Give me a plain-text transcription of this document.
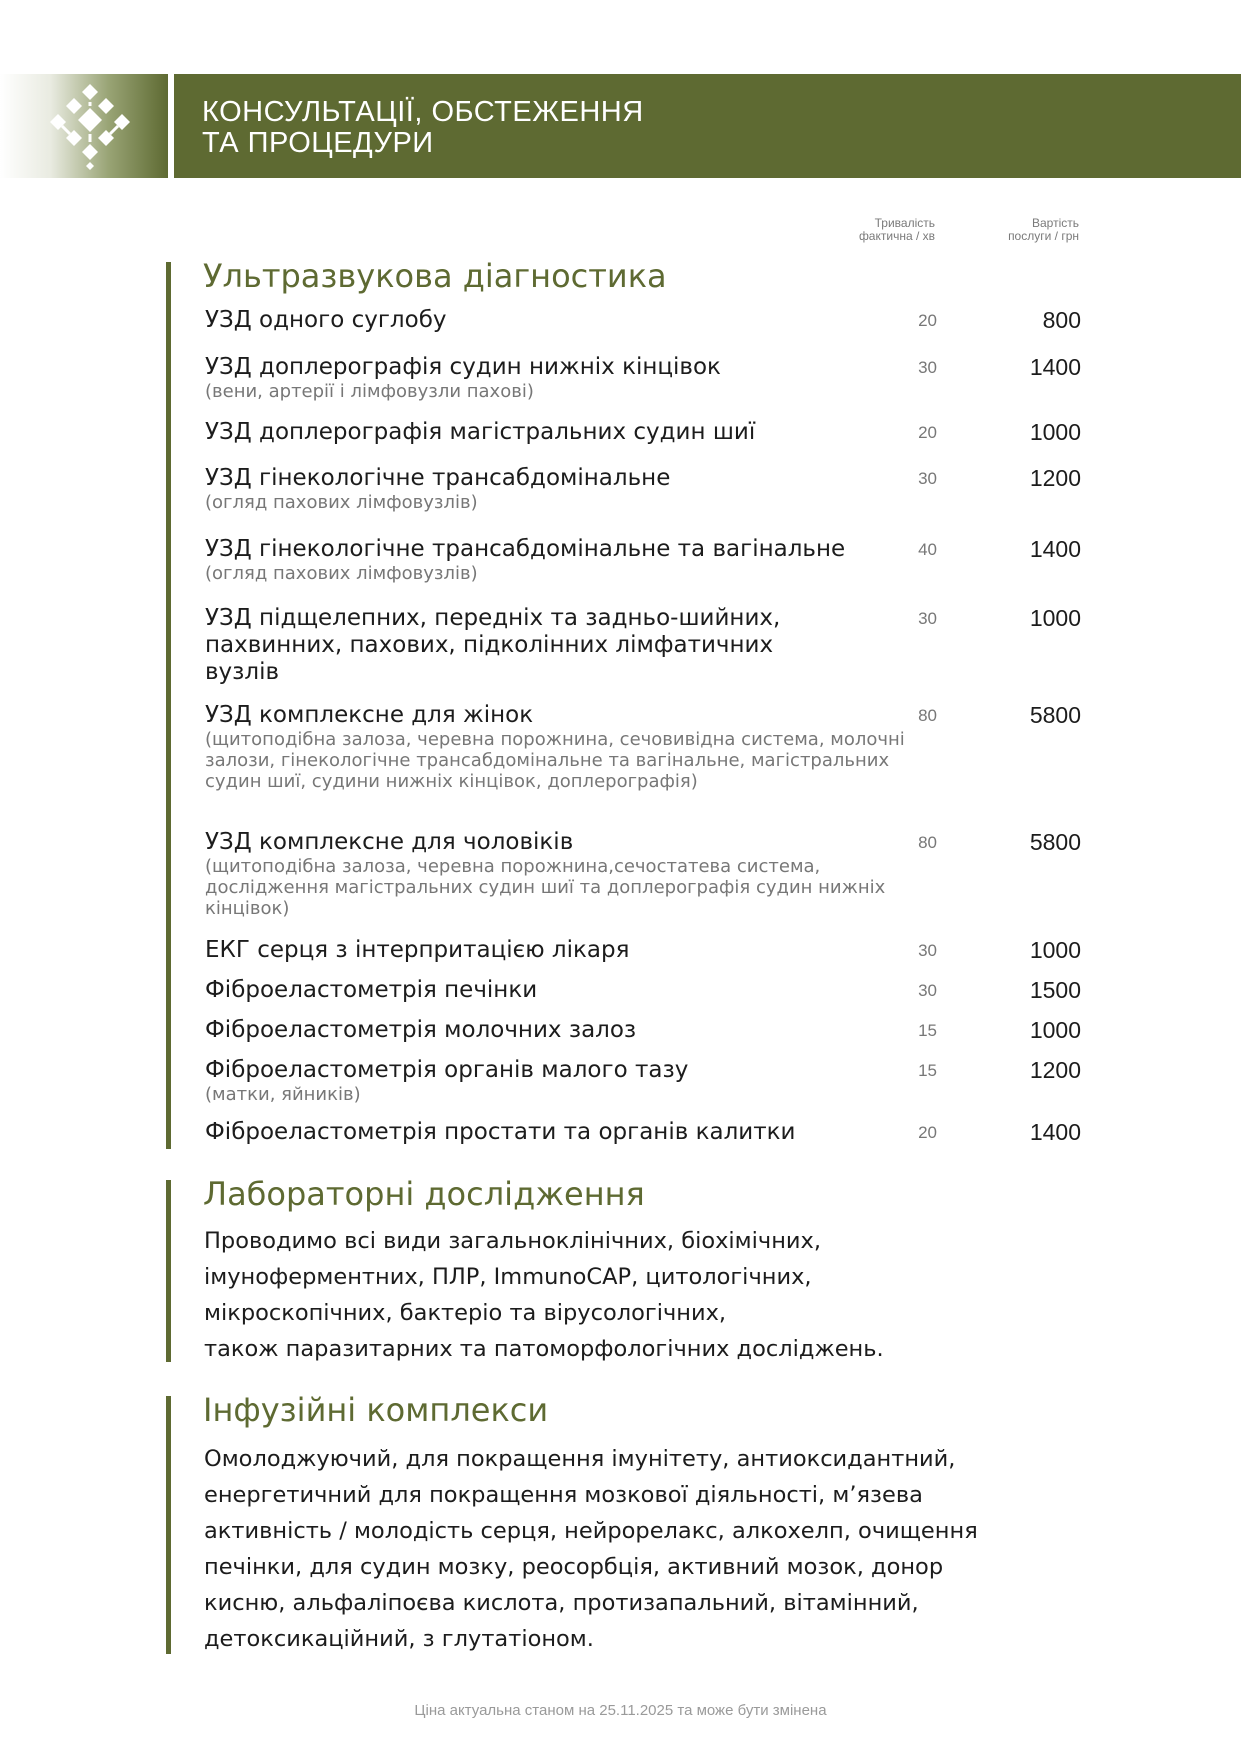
КОНСУЛЬТАЦІЇ, ОБСТЕЖЕННЯ
ТА ПРОЦЕДУРИ
Тривалість
фактична / хв
Вартість
послуги / грн
Ультразвукова діагностика
УЗД одного суглобу	20	800
УЗД доплерографія судин нижніх кінцівок
(вени, артерії і лімфовузли пахові)
30	1400
УЗД доплерографія магістральних судин шиї	20	1000
УЗД гінекологічне трансабдомінальне
(огляд пахових лімфовузлів)
30	1200
УЗД гінекологічне трансабдомінальне та вагінальне
(огляд пахових лімфовузлів)
40	1400
УЗД підщелепних, передніх та задньо-шийних, пахвинних, пахових, підколінних лімфатичних вузлів
30	1000
УЗД комплексне для жінок
(щитоподібна залоза, черевна порожнина, сечовивідна система, молочні залози, гінекологічне трансабдомінальне та вагінальне, магістральних судин шиї, судини нижніх кінцівок, доплерографія)
80	5800
УЗД комплексне для чоловіків
(щитоподібна залоза, черевна порожнина,сечостатева система, дослідження магістральних судин шиї та доплерографія судин нижніх кінцівок)
80	5800
ЕКГ серця з інтерпритацією лікаря	30	1000
Фіброеластометрія печінки	30	1500
Фіброеластометрія молочних залоз	15	1000
Фіброеластометрія органів малого тазу
(матки, яйників)
15	1200
Фіброеластометрія простати та органів калитки	20	1400
Лабораторні дослідження
Проводимо всі види загальноклінічних, біохімічних,
імуноферментних, ПЛР, ImmunoCAP, цитологічних,
мікроскопічних, бактеріо та вірусологічних,
також паразитарних та патоморфологічних досліджень.
Інфузійні комплекси
Омолоджуючий, для покращення імунітету, антиоксидантний,
енергетичний для покращення мозкової діяльності, м’язева
активність / молодість серця, нейрорелакс, алкохелп, очищення
печінки, для судин мозку, реосорбція, активний мозок, донор
кисню, альфаліпоєва кислота, протизапальний, вітамінний,
детоксикаційний, з глутатіоном.
Ціна актуальна станом на 25.11.2025 та може бути змінена
